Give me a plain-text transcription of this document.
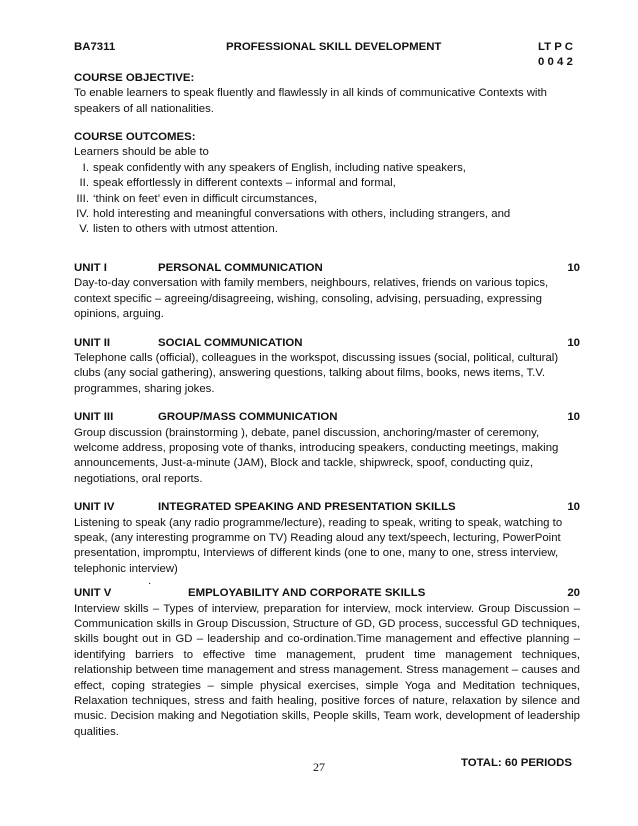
BA7311	PROFESSIONAL SKILL DEVELOPMENT	LT P C
0 0 4 2
COURSE OBJECTIVE:
To enable learners to speak fluently and flawlessly in all kinds of communicative Contexts with speakers of all nationalities.
COURSE OUTCOMES:
Learners should be able to
I. speak confidently with any speakers of English, including native speakers,
II. speak effortlessly in different contexts – informal and formal,
III. ‘think on feet’ even in difficult circumstances,
IV. hold interesting and meaningful conversations with others, including strangers, and
V. listen to others with utmost attention.
UNIT I	PERSONAL COMMUNICATION	10
Day-to-day conversation with family members, neighbours, relatives, friends on various topics, context specific – agreeing/disagreeing, wishing, consoling, advising, persuading, expressing opinions, arguing.
UNIT II	SOCIAL COMMUNICATION	10
Telephone calls (official), colleagues in the workspot, discussing issues (social, political, cultural) clubs (any social gathering), answering questions, talking about films, books, news items, T.V. programmes, sharing jokes.
UNIT III	GROUP/MASS COMMUNICATION	10
Group discussion (brainstorming ), debate, panel discussion, anchoring/master of ceremony, welcome address, proposing vote of thanks, introducing speakers, conducting meetings, making announcements, Just-a-minute (JAM), Block and tackle, shipwreck, spoof, conducting quiz, negotiations, oral reports.
UNIT IV	INTEGRATED SPEAKING AND PRESENTATION SKILLS	10
Listening to speak (any radio programme/lecture), reading to speak, writing to speak, watching to speak, (any interesting programme on TV) Reading aloud any text/speech, lecturing, PowerPoint presentation, impromptu, Interviews of different kinds (one to one, many to one, stress interview, telephonic interview)
.
UNIT V	EMPLOYABILITY AND CORPORATE SKILLS	20
Interview skills – Types of interview, preparation for interview, mock interview. Group Discussion – Communication skills in Group Discussion, Structure of GD, GD process, successful GD techniques, skills bought out in GD – leadership and co-ordination.Time management and effective planning – identifying barriers to effective time management, prudent time management techniques, relationship between time management and stress management. Stress management – causes and effect, coping strategies – simple physical exercises, simple Yoga and Meditation techniques, Relaxation techniques, stress and faith healing, positive forces of nature, relaxation by silence and music. Decision making and Negotiation skills, People skills, Team work, development of leadership qualities.
TOTAL: 60 PERIODS
27
